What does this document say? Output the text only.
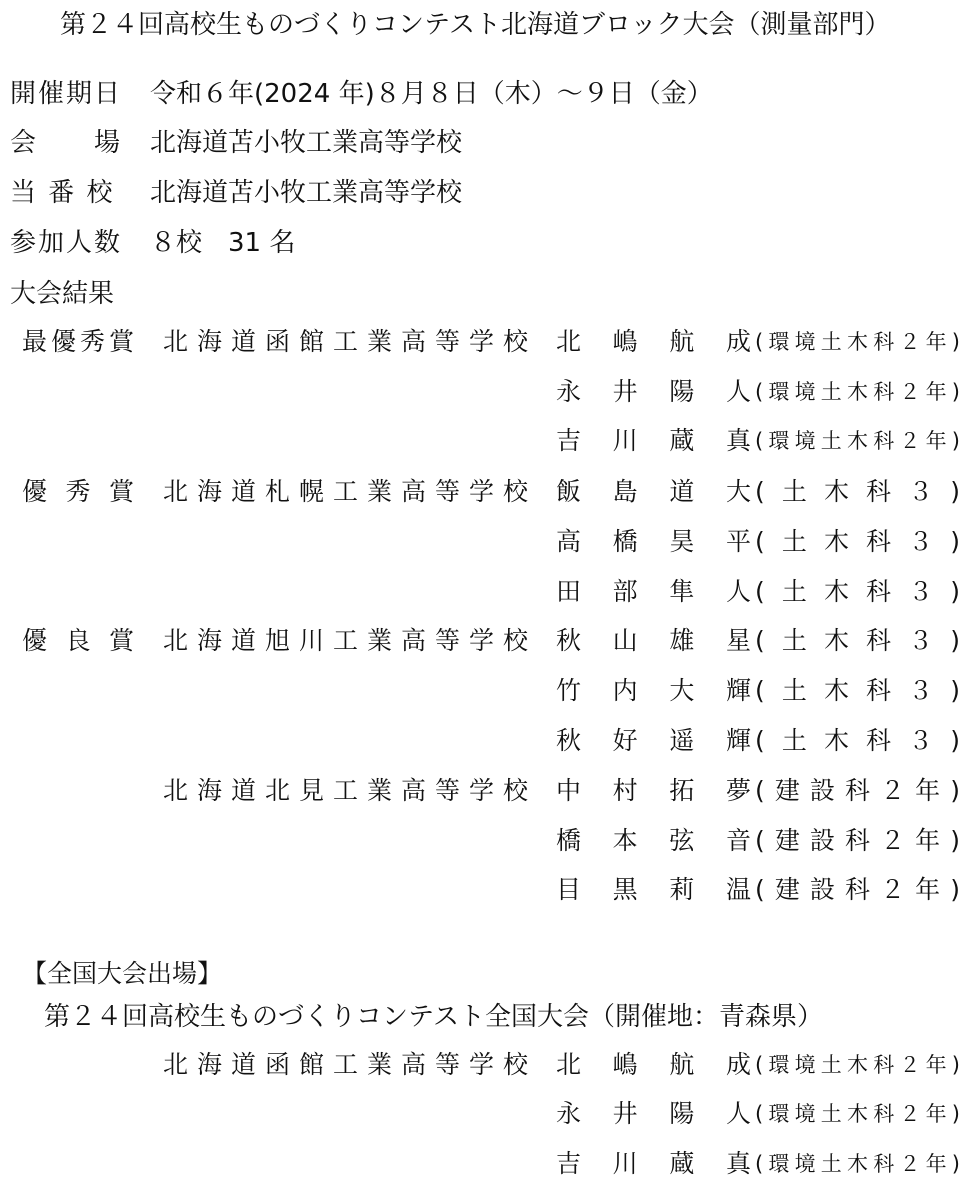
第２４回高校生ものづくりコンテスト北海道ブロック大会（測量部門）
開催期日 令和６年(2024 年)８月８日（木）～９日（金）
会　　場 北海道苫小牧工業高等学校
当 番 校 北海道苫小牧工業高等学校
参加人数 ８校　31 名
大会結果
最優秀賞 北海道函館工業高等学校 北嶋航成 (環境土木科２年)
永井陽人 (環境土木科２年)
吉川蔵真 (環境土木科２年)
優秀賞 北海道札幌工業高等学校 飯島道大 (土木科３)
高橋昊平 (土木科３)
田部隼人 (土木科３)
優良賞 北海道旭川工業高等学校 秋山雄星 (土木科３)
竹内大輝 (土木科３)
秋好遥輝 (土木科３)
北海道北見工業高等学校 中村拓夢 (建設科２年)
橋本弦音 (建設科２年)
目黒莉温 (建設科２年)
【全国大会出場】
第２４回高校生ものづくりコンテスト全国大会（開催地：青森県）
北海道函館工業高等学校 北嶋航成 (環境土木科２年)
永井陽人 (環境土木科２年)
吉川蔵真 (環境土木科２年)
